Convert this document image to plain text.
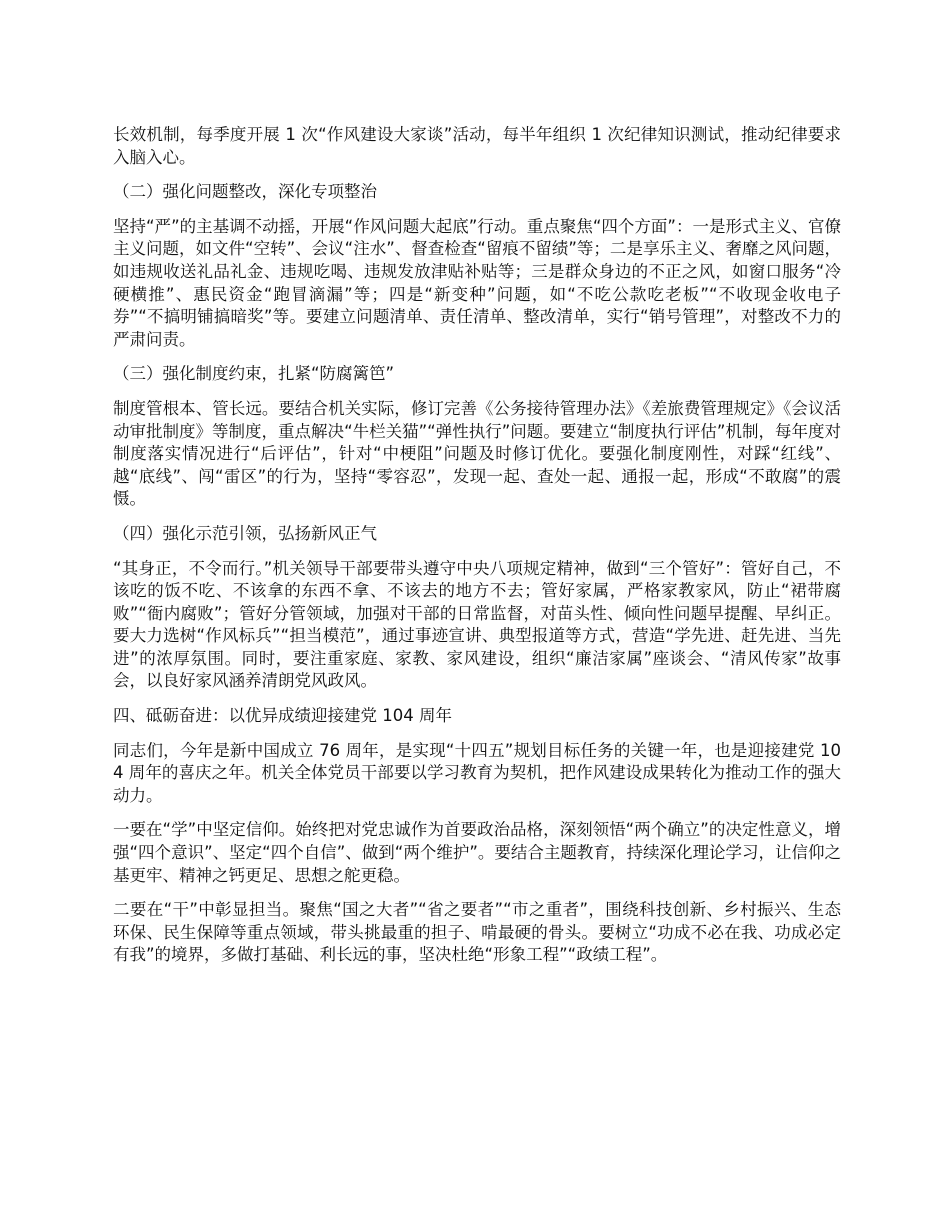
长效机制，每季度开展 1 次“作风建设大家谈”活动，每半年组织 1 次纪律知识测试，推动纪律要求入脑入心。

（二）强化问题整改，深化专项整治

坚持“严”的主基调不动摇，开展“作风问题大起底”行动。重点聚焦“四个方面”：一是形式主义、官僚主义问题，如文件“空转”、会议“注水”、督查检查“留痕不留绩”等；二是享乐主义、奢靡之风问题，如违规收送礼品礼金、违规吃喝、违规发放津贴补贴等；三是群众身边的不正之风，如窗口服务“冷硬横推”、惠民资金“跑冒滴漏”等；四是“新变种”问题，如“不吃公款吃老板”“不收现金收电子券”“不搞明铺搞暗奖”等。要建立问题清单、责任清单、整改清单，实行“销号管理”，对整改不力的严肃问责。

（三）强化制度约束，扎紧“防腐篱笆”

制度管根本、管长远。要结合机关实际，修订完善《公务接待管理办法》《差旅费管理规定》《会议活动审批制度》等制度，重点解决“牛栏关猫”“弹性执行”问题。要建立“制度执行评估”机制，每年度对制度落实情况进行“后评估”，针对“中梗阻”问题及时修订优化。要强化制度刚性，对踩“红线”、越“底线”、闯“雷区”的行为，坚持“零容忍”，发现一起、查处一起、通报一起，形成“不敢腐”的震慑。

（四）强化示范引领，弘扬新风正气

“其身正，不令而行。”机关领导干部要带头遵守中央八项规定精神，做到“三个管好”：管好自己，不该吃的饭不吃、不该拿的东西不拿、不该去的地方不去；管好家属，严格家教家风，防止“裙带腐败”“衙内腐败”；管好分管领域，加强对干部的日常监督，对苗头性、倾向性问题早提醒、早纠正。要大力选树“作风标兵”“担当模范”，通过事迹宣讲、典型报道等方式，营造“学先进、赶先进、当先进”的浓厚氛围。同时，要注重家庭、家教、家风建设，组织“廉洁家属”座谈会、“清风传家”故事会，以良好家风涵养清朗党风政风。

四、砥砺奋进：以优异成绩迎接建党 104 周年

同志们，今年是新中国成立 76 周年，是实现“十四五”规划目标任务的关键一年，也是迎接建党 104 周年的喜庆之年。机关全体党员干部要以学习教育为契机，把作风建设成果转化为推动工作的强大动力。

一要在“学”中坚定信仰。始终把对党忠诚作为首要政治品格，深刻领悟“两个确立”的决定性意义，增强“四个意识”、坚定“四个自信”、做到“两个维护”。要结合主题教育，持续深化理论学习，让信仰之基更牢、精神之钙更足、思想之舵更稳。

二要在“干”中彰显担当。聚焦“国之大者”“省之要者”“市之重者”，围绕科技创新、乡村振兴、生态环保、民生保障等重点领域，带头挑最重的担子、啃最硬的骨头。要树立“功成不必在我、功成必定有我”的境界，多做打基础、利长远的事，坚决杜绝“形象工程”“政绩工程”。
